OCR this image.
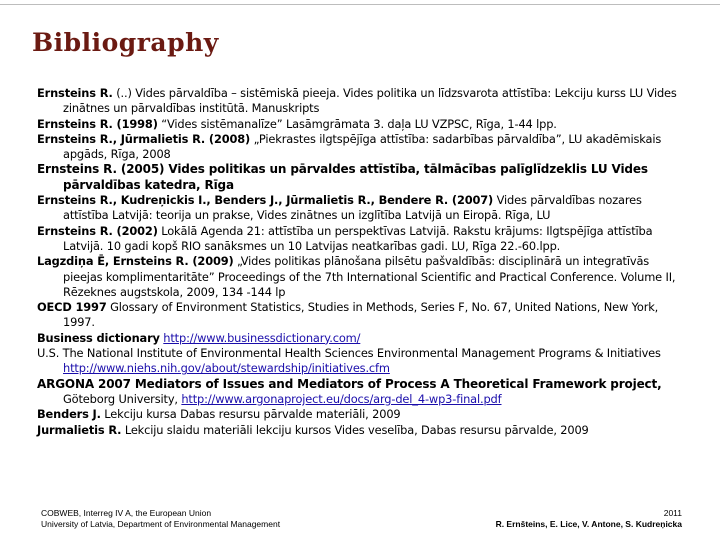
Bibliography

Ernsteins R. (..) Vides pārvaldība – sistēmiskā pieeja. Vides politika un līdzsvarota attīstība: Lekciju kurss LU Vides zinātnes un pārvaldības institūtā. Manuskripts

Ernsteins R. (1998) “Vides sistēmanalīze” Lasāmgrāmata 3. daļa LU VZPSC, Rīga, 1-44 lpp.

Ernsteins R., Jūrmalietis R. (2008) „Piekrastes ilgtspējīga attīstība: sadarbības pārvaldība”, LU akadēmiskais apgāds, Rīga, 2008

Ernsteins R. (2005) Vides politikas un pārvaldes attīstība, tālmācības palīglīdzeklis LU Vides pārvaldības katedra, Rīga

Ernsteins R., Kudreņickis I., Benders J., Jūrmalietis R., Bendere R. (2007) Vides pārvaldības nozares attīstība Latvijā: teorija un prakse, Vides zinātnes un izglītība Latvijā un Eiropā. Rīga, LU

Ernsteins R. (2002) Lokālā Agenda 21: attīstība un perspektīvas Latvijā. Rakstu krājums: Ilgtspējīga attīstība Latvijā. 10 gadi kopš RIO sanāksmes un 10 Latvijas neatkarības gadi. LU, Rīga 22.-60.lpp.

Lagzdiņa Ē, Ernsteins R. (2009) „Vides politikas plānošana pilsētu pašvaldībās: disciplinārā un integratīvās pieejas komplimentaritāte” Proceedings of the 7th International Scientific and Practical Conference. Volume II, Rēzeknes augstskola, 2009, 134 -144 lp

OECD 1997 Glossary of Environment Statistics, Studies in Methods, Series F, No. 67, United Nations, New York, 1997.

Business dictionary http://www.businessdictionary.com/

U.S. The National Institute of Environmental Health Sciences Environmental Management Programs & Initiatives http://www.niehs.nih.gov/about/stewardship/initiatives.cfm

ARGONA 2007 Mediators of Issues and Mediators of Process A Theoretical Framework project, Göteborg University, http://www.argonaproject.eu/docs/arg-del_4-wp3-final.pdf

Benders J. Lekciju kursa Dabas resursu pārvalde materiāli, 2009

Jurmalietis R. Lekciju slaidu materiāli lekciju kursos Vides veselība, Dabas resursu pārvalde, 2009

COBWEB, Interreg IV A, the European Union
University of Latvia, Department of Environmental Management
2011
R. Ernšteins, E. Lice, V. Antone, S. Kudreņicka
